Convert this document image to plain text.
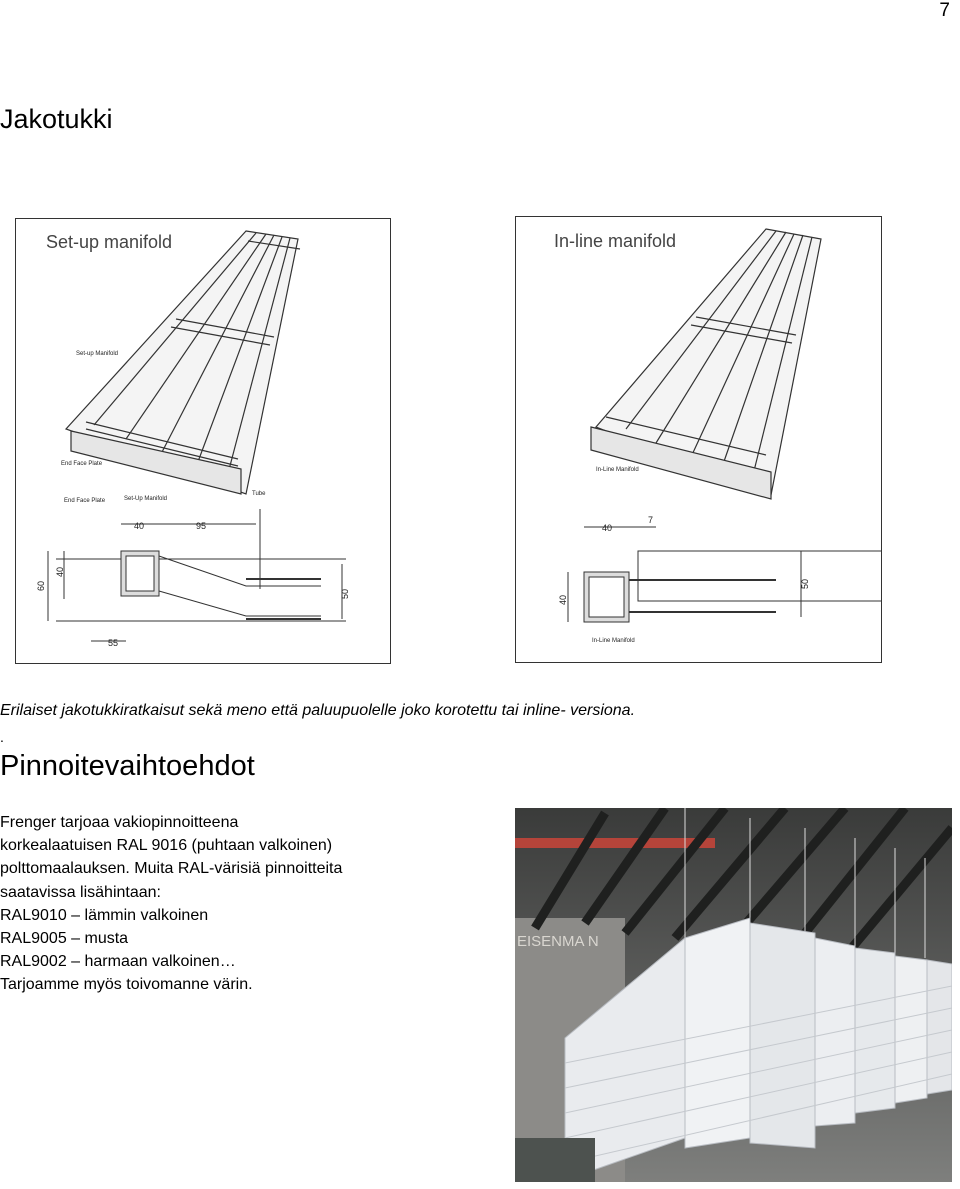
7
Jakotukki
Set-up manifold
Set-up Manifold
End Face Plate
End Face Plate	Set-Up Manifold
Tube
40	95
60
40
50
55
In-line manifold
In-Line Manifold
40
7
40
50
In-Line Manifold
Erilaiset jakotukkiratkaisut sekä meno että paluupuolelle joko korotettu tai inline- versiona.
.
Pinnoitevaihtoehdot
Frenger tarjoaa vakiopinnoitteena
korkealaatuisen RAL 9016 (puhtaan valkoinen)
polttomaalauksen. Muita RAL-värisiä pinnoitteita
saatavissa lisähintaan:
RAL9010 – lämmin valkoinen
RAL9005 – musta
RAL9002 – harmaan valkoinen…
Tarjoamme myös toivomanne värin.
EISENMA N
